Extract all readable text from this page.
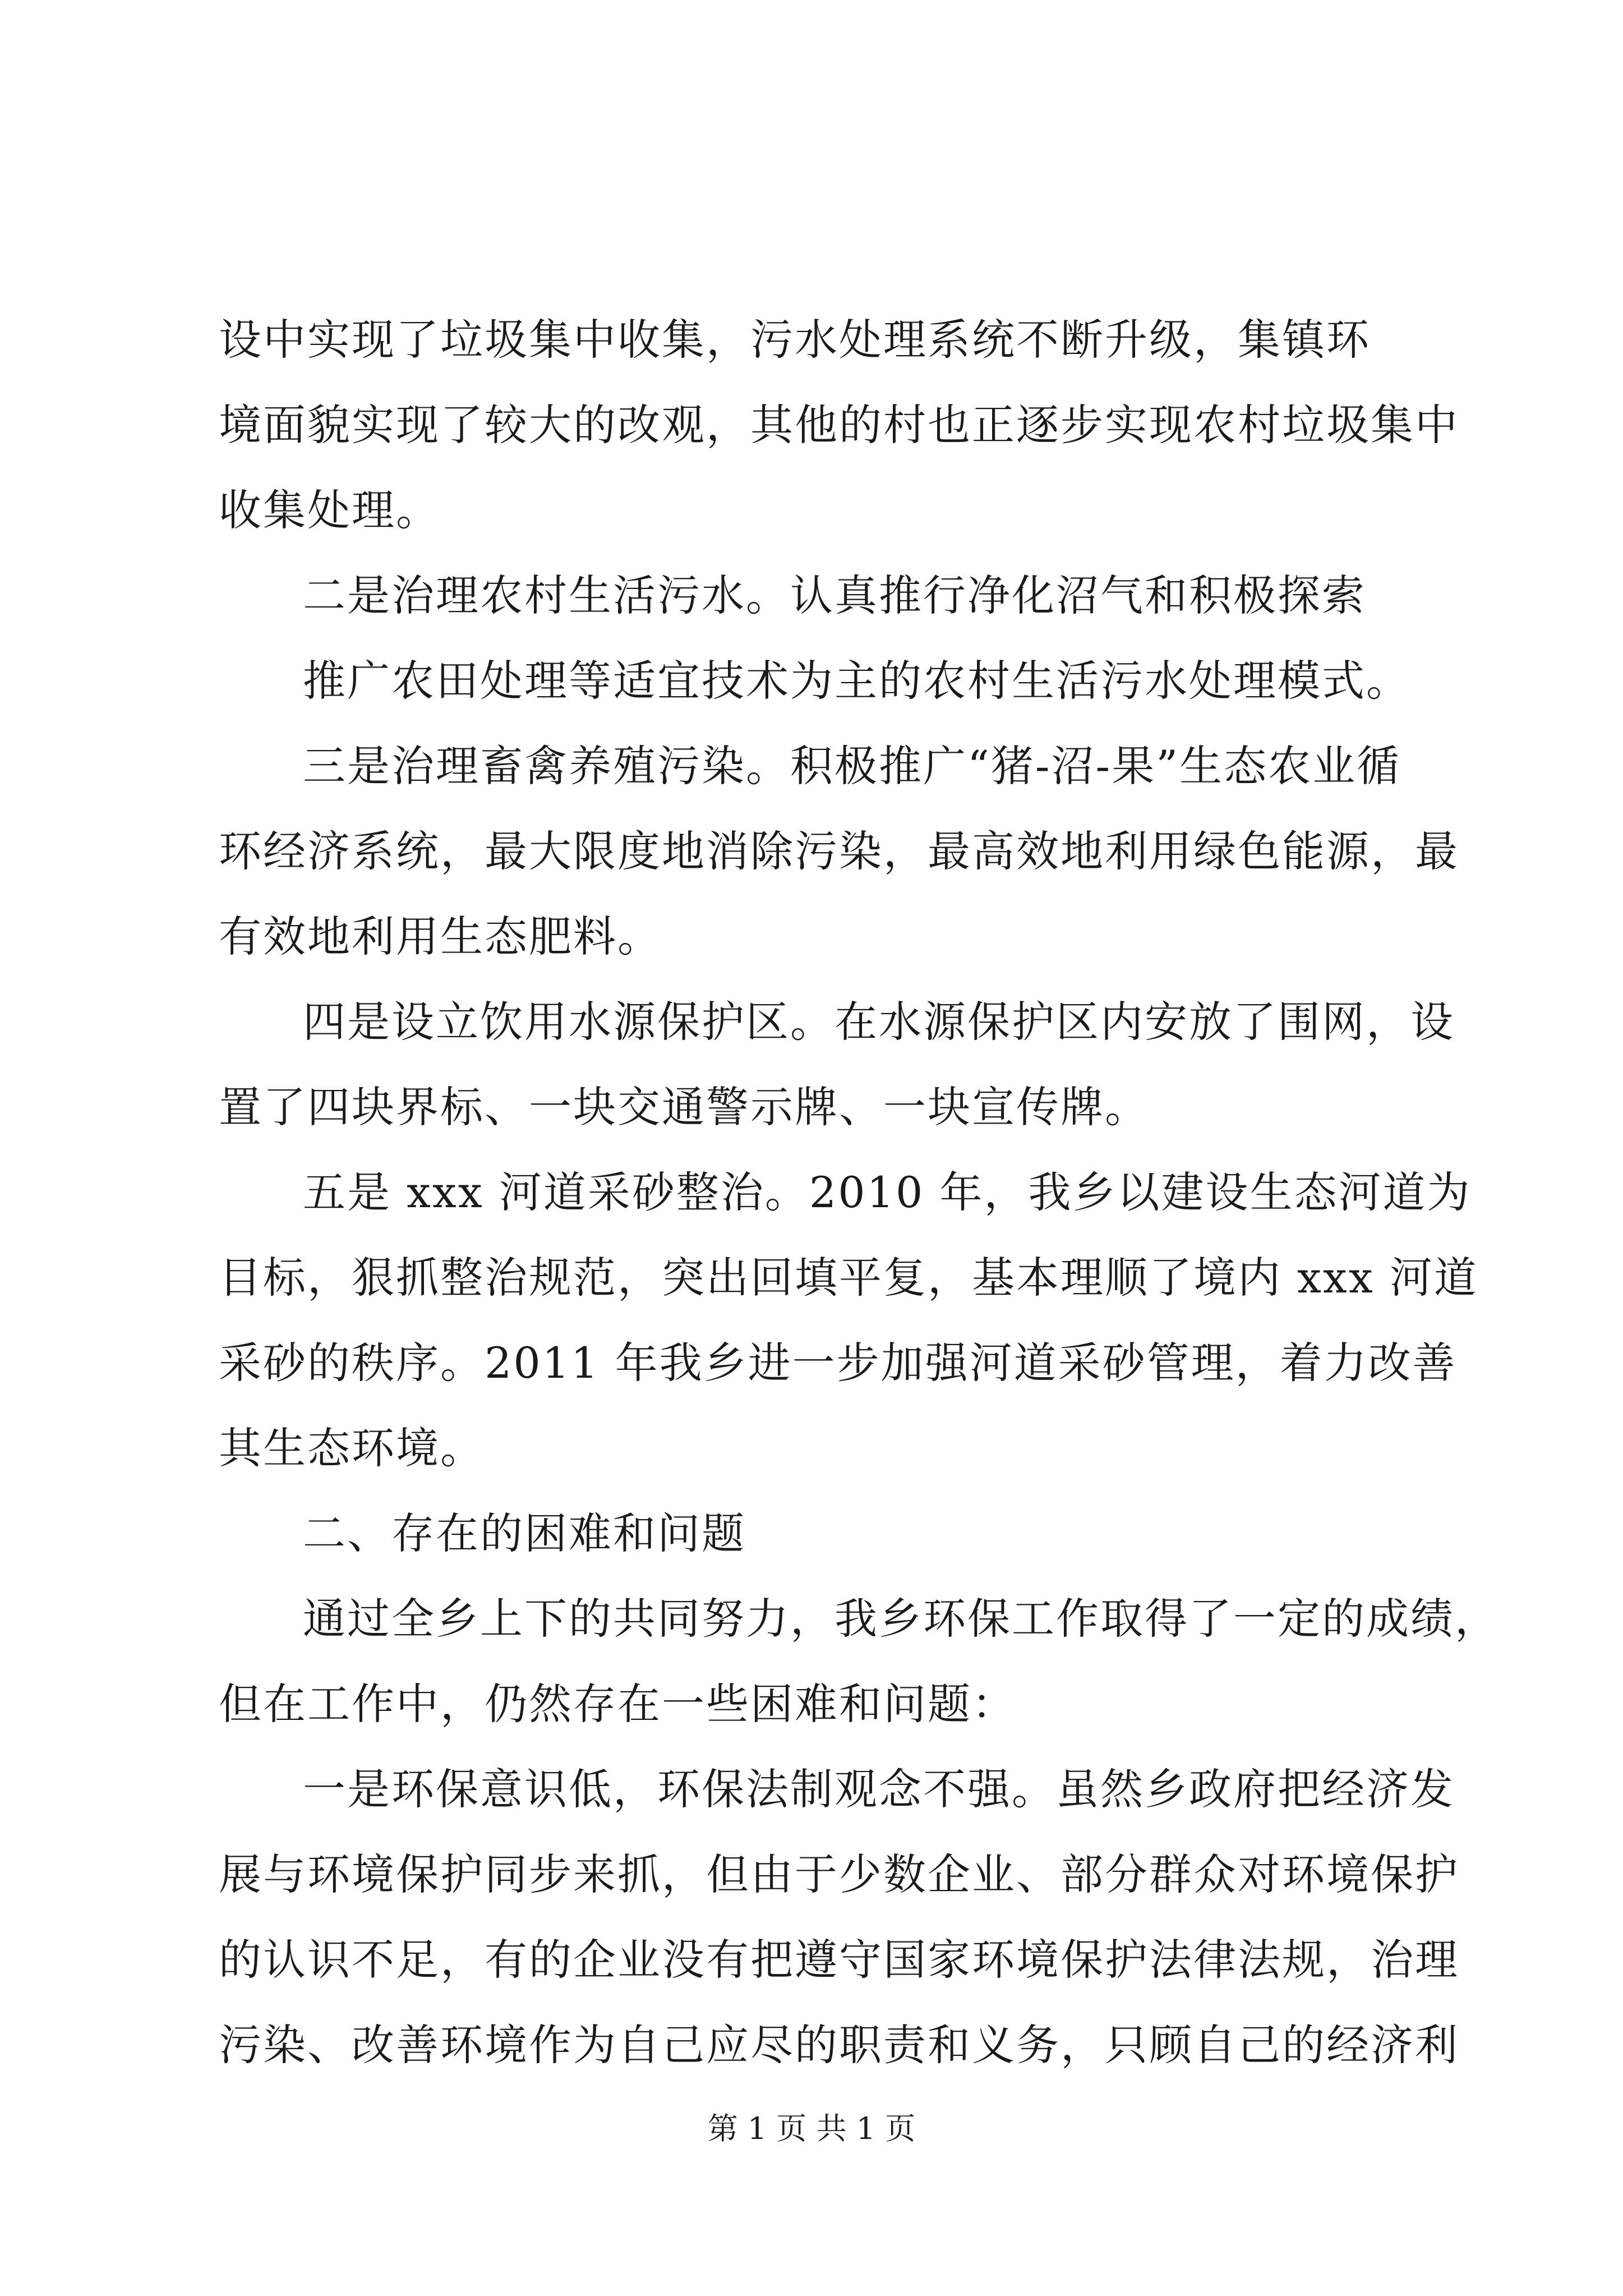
设中实现了垃圾集中收集，污水处理系统不断升级，集镇环
境面貌实现了较大的改观，其他的村也正逐步实现农村垃圾集中
收集处理。
二是治理农村生活污水。认真推行净化沼气和积极探索
推广农田处理等适宜技术为主的农村生活污水处理模式。
三是治理畜禽养殖污染。积极推广“猪-沼-果”生态农业循
环经济系统，最大限度地消除污染，最高效地利用绿色能源，最
有效地利用生态肥料。
四是设立饮用水源保护区。在水源保护区内安放了围网，设
置了四块界标、一块交通警示牌、一块宣传牌。
五是 xxx 河道采砂整治。2010 年，我乡以建设生态河道为
目标，狠抓整治规范，突出回填平复，基本理顺了境内 xxx 河道
采砂的秩序。2011 年我乡进一步加强河道采砂管理，着力改善
其生态环境。
二、存在的困难和问题
通过全乡上下的共同努力，我乡环保工作取得了一定的成绩，
但在工作中，仍然存在一些困难和问题：
一是环保意识低，环保法制观念不强。虽然乡政府把经济发
展与环境保护同步来抓，但由于少数企业、部分群众对环境保护
的认识不足，有的企业没有把遵守国家环境保护法律法规，治理
污染、改善环境作为自己应尽的职责和义务，只顾自己的经济利
第 1 页 共 1 页
